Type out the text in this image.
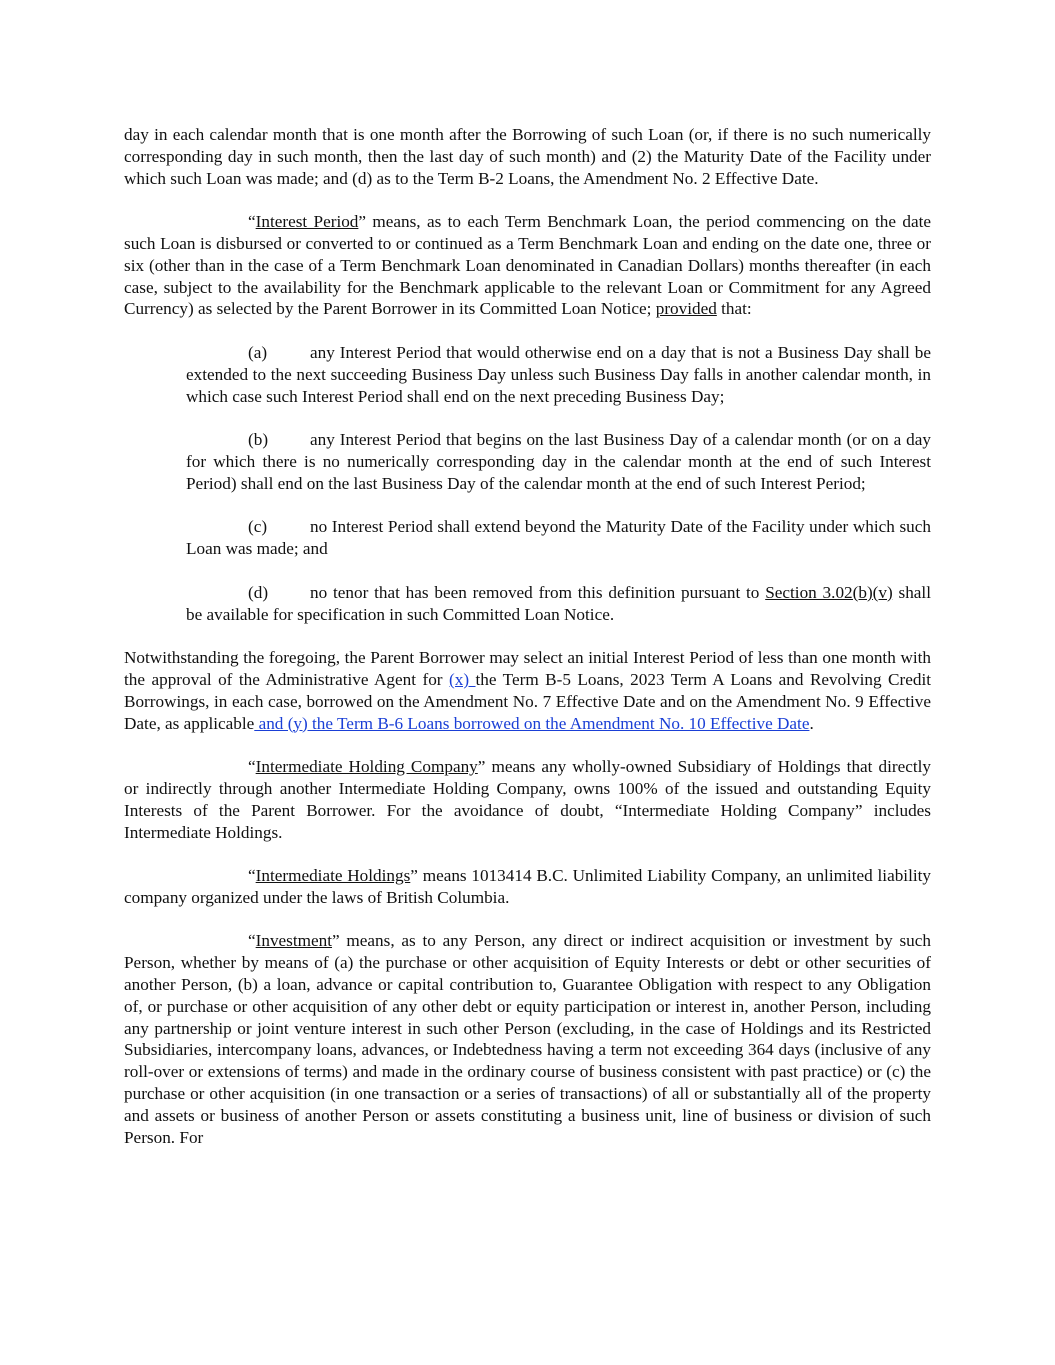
day in each calendar month that is one month after the Borrowing of such Loan (or, if there is no such numerically corresponding day in such month, then the last day of such month) and (2) the Maturity Date of the Facility under which such Loan was made; and (d) as to the Term B-2 Loans, the Amendment No. 2 Effective Date.

“Interest Period” means, as to each Term Benchmark Loan, the period commencing on the date such Loan is disbursed or converted to or continued as a Term Benchmark Loan and ending on the date one, three or six (other than in the case of a Term Benchmark Loan denominated in Canadian Dollars) months thereafter (in each case, subject to the availability for the Benchmark applicable to the relevant Loan or Commitment for any Agreed Currency) as selected by the Parent Borrower in its Committed Loan Notice; provided that:

(a) any Interest Period that would otherwise end on a day that is not a Business Day shall be extended to the next succeeding Business Day unless such Business Day falls in another calendar month, in which case such Interest Period shall end on the next preceding Business Day;

(b) any Interest Period that begins on the last Business Day of a calendar month (or on a day for which there is no numerically corresponding day in the calendar month at the end of such Interest Period) shall end on the last Business Day of the calendar month at the end of such Interest Period;

(c) no Interest Period shall extend beyond the Maturity Date of the Facility under which such Loan was made; and

(d) no tenor that has been removed from this definition pursuant to Section 3.02(b)(v) shall be available for specification in such Committed Loan Notice.

Notwithstanding the foregoing, the Parent Borrower may select an initial Interest Period of less than one month with the approval of the Administrative Agent for (x) the Term B-5 Loans, 2023 Term A Loans and Revolving Credit Borrowings, in each case, borrowed on the Amendment No. 7 Effective Date and on the Amendment No. 9 Effective Date, as applicable and (y) the Term B-6 Loans borrowed on the Amendment No. 10 Effective Date.

“Intermediate Holding Company” means any wholly-owned Subsidiary of Holdings that directly or indirectly through another Intermediate Holding Company, owns 100% of the issued and outstanding Equity Interests of the Parent Borrower. For the avoidance of doubt, “Intermediate Holding Company” includes Intermediate Holdings.

“Intermediate Holdings” means 1013414 B.C. Unlimited Liability Company, an unlimited liability company organized under the laws of British Columbia.

“Investment” means, as to any Person, any direct or indirect acquisition or investment by such Person, whether by means of (a) the purchase or other acquisition of Equity Interests or debt or other securities of another Person, (b) a loan, advance or capital contribution to, Guarantee Obligation with respect to any Obligation of, or purchase or other acquisition of any other debt or equity participation or interest in, another Person, including any partnership or joint venture interest in such other Person (excluding, in the case of Holdings and its Restricted Subsidiaries, intercompany loans, advances, or Indebtedness having a term not exceeding 364 days (inclusive of any roll-over or extensions of terms) and made in the ordinary course of business consistent with past practice) or (c) the purchase or other acquisition (in one transaction or a series of transactions) of all or substantially all of the property and assets or business of another Person or assets constituting a business unit, line of business or division of such Person. For
